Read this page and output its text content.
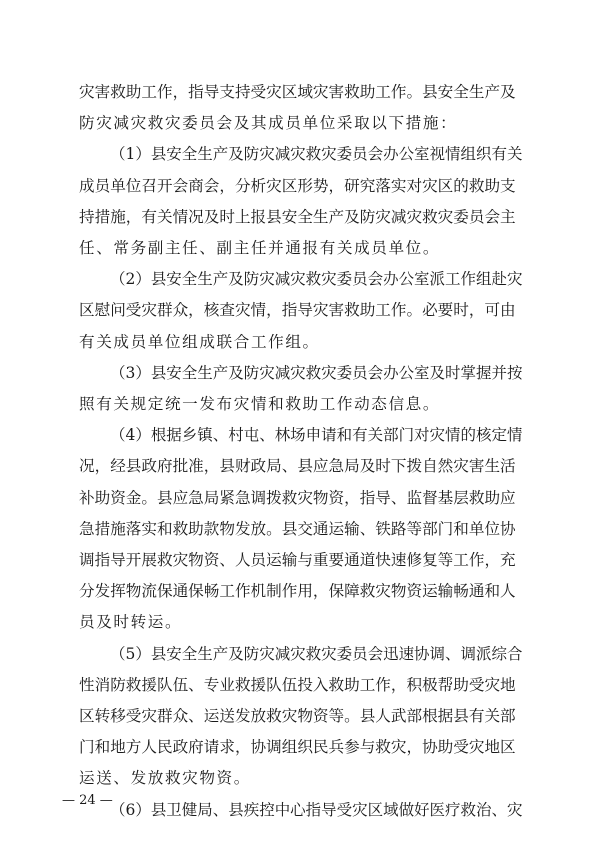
灾害救助工作，指导支持受灾区域灾害救助工作。县安全生产及
防灾减灾救灾委员会及其成员单位采取以下措施：
（1）县安全生产及防灾减灾救灾委员会办公室视情组织有关
成员单位召开会商会，分析灾区形势，研究落实对灾区的救助支
持措施，有关情况及时上报县安全生产及防灾减灾救灾委员会主
任、常务副主任、副主任并通报有关成员单位。
（2）县安全生产及防灾减灾救灾委员会办公室派工作组赴灾
区慰问受灾群众，核查灾情，指导灾害救助工作。必要时，可由
有关成员单位组成联合工作组。
（3）县安全生产及防灾减灾救灾委员会办公室及时掌握并按
照有关规定统一发布灾情和救助工作动态信息。
（4）根据乡镇、村屯、林场申请和有关部门对灾情的核定情
况，经县政府批准，县财政局、县应急局及时下拨自然灾害生活
补助资金。县应急局紧急调拨救灾物资，指导、监督基层救助应
急措施落实和救助款物发放。县交通运输、铁路等部门和单位协
调指导开展救灾物资、人员运输与重要通道快速修复等工作，充
分发挥物流保通保畅工作机制作用，保障救灾物资运输畅通和人
员及时转运。
（5）县安全生产及防灾减灾救灾委员会迅速协调、调派综合
性消防救援队伍、专业救援队伍投入救助工作，积极帮助受灾地
区转移受灾群众、运送发放救灾物资等。县人武部根据县有关部
门和地方人民政府请求，协调组织民兵参与救灾，协助受灾地区
运送、发放救灾物资。
（6）县卫健局、县疾控中心指导受灾区域做好医疗救治、灾
— 24 —
